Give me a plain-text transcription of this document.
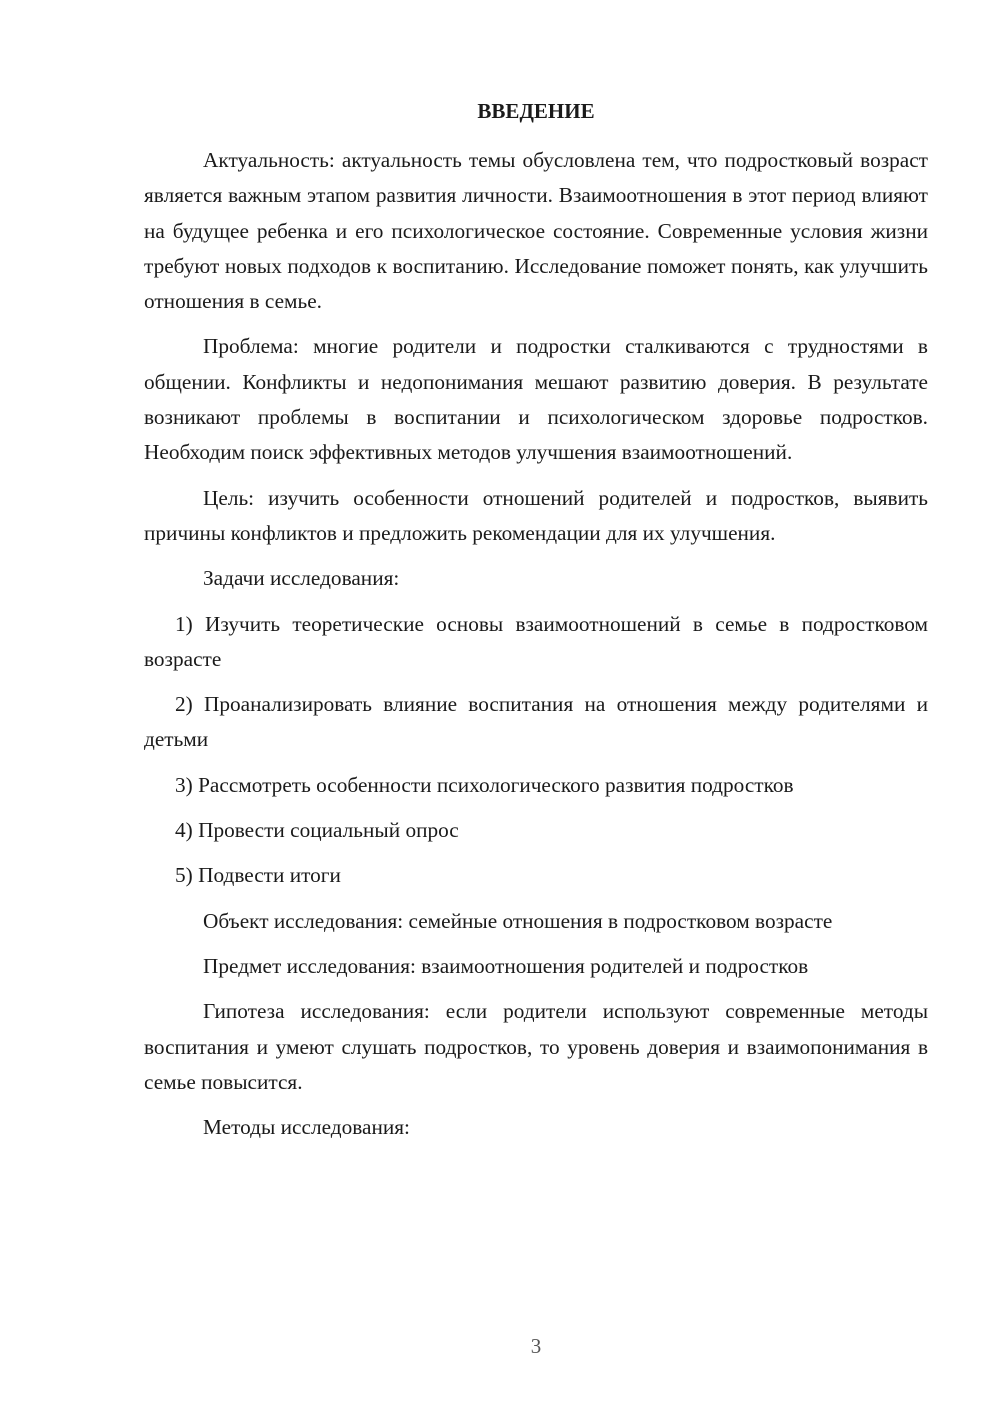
ВВЕДЕНИЕ

Актуальность: актуальность темы обусловлена тем, что подростковый возраст является важным этапом развития личности. Взаимоотношения в этот период влияют на будущее ребенка и его психологическое состояние. Современные условия жизни требуют новых подходов к воспитанию. Исследование поможет понять, как улучшить отношения в семье.

Проблема: многие родители и подростки сталкиваются с трудностями в общении. Конфликты и недопонимания мешают развитию доверия. В результате возникают проблемы в воспитании и психологическом здоровье подростков. Необходим поиск эффективных методов улучшения взаимоотношений.

Цель: изучить особенности отношений родителей и подростков, выявить причины конфликтов и предложить рекомендации для их улучшения.

Задачи исследования:

1) Изучить теоретические основы взаимоотношений в семье в подростковом возрасте

2) Проанализировать влияние воспитания на отношения между родителями и детьми

3) Рассмотреть особенности психологического развития подростков

4) Провести социальный опрос

5) Подвести итоги

Объект исследования: семейные отношения в подростковом возрасте

Предмет исследования: взаимоотношения родителей и подростков

Гипотеза исследования: если родители используют современные методы воспитания и умеют слушать подростков, то уровень доверия и взаимопонимания в семье повысится.

Методы исследования:

3
